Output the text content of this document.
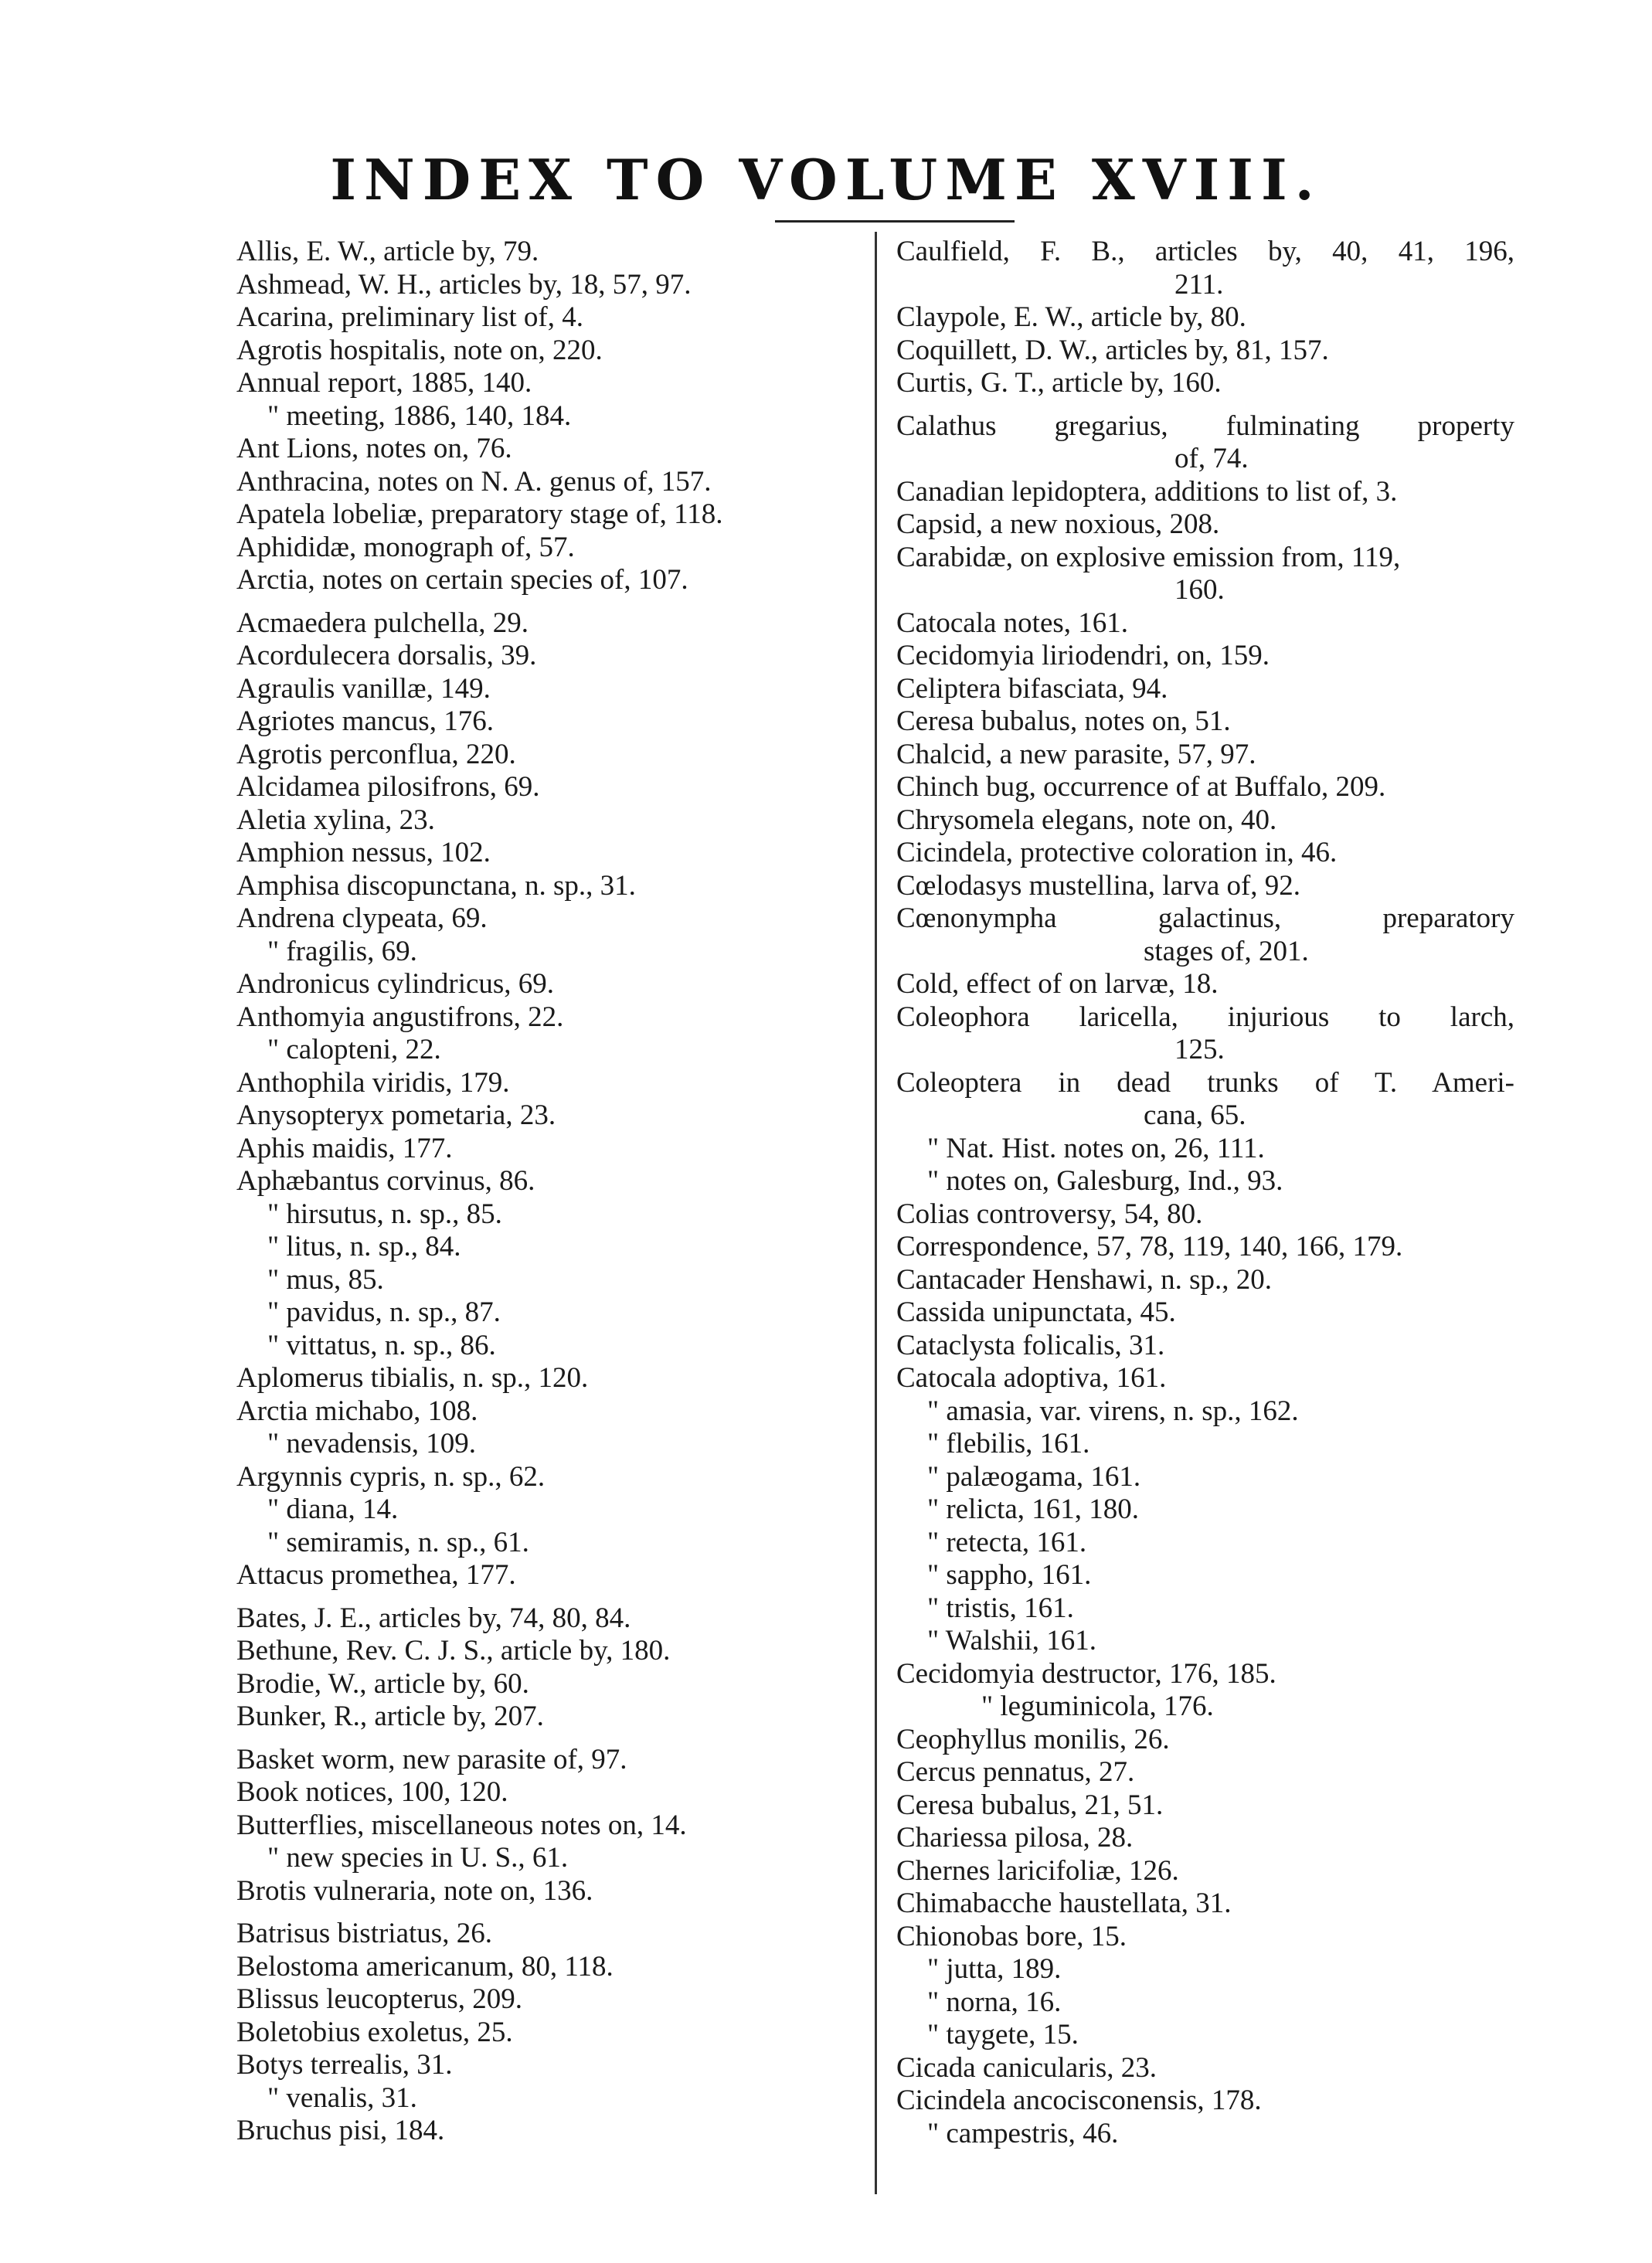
INDEX TO VOLUME XVIII.
Allis, E. W., article by, 79.
Ashmead, W. H., articles by, 18, 57, 97.
Acarina, preliminary list of, 4.
Agrotis hospitalis, note on, 220.
Annual report, 1885, 140.
" meeting, 1886, 140, 184.
Ant Lions, notes on, 76.
Anthracina, notes on N. A. genus of, 157.
Apatela lobeliæ, preparatory stage of, 118.
Aphididæ, monograph of, 57.
Arctia, notes on certain species of, 107.
Acmaedera pulchella, 29.
Acordulecera dorsalis, 39.
Agraulis vanillæ, 149.
Agriotes mancus, 176.
Agrotis perconflua, 220.
Alcidamea pilosifrons, 69.
Aletia xylina, 23.
Amphion nessus, 102.
Amphisa discopunctana, n. sp., 31.
Andrena clypeata, 69.
" fragilis, 69.
Andronicus cylindricus, 69.
Anthomyia angustifrons, 22.
" calopteni, 22.
Anthophila viridis, 179.
Anysopteryx pometaria, 23.
Aphis maidis, 177.
Aphæbantus corvinus, 86.
" hirsutus, n. sp., 85.
" litus, n. sp., 84.
" mus, 85.
" pavidus, n. sp., 87.
" vittatus, n. sp., 86.
Aplomerus tibialis, n. sp., 120.
Arctia michabo, 108.
" nevadensis, 109.
Argynnis cypris, n. sp., 62.
" diana, 14.
" semiramis, n. sp., 61.
Attacus promethea, 177.
Bates, J. E., articles by, 74, 80, 84.
Bethune, Rev. C. J. S., article by, 180.
Brodie, W., article by, 60.
Bunker, R., article by, 207.
Basket worm, new parasite of, 97.
Book notices, 100, 120.
Butterflies, miscellaneous notes on, 14.
" new species in U. S., 61.
Brotis vulneraria, note on, 136.
Batrisus bistriatus, 26.
Belostoma americanum, 80, 118.
Blissus leucopterus, 209.
Boletobius exoletus, 25.
Botys terrealis, 31.
" venalis, 31.
Bruchus pisi, 184.
Caulfield, F. B., articles by, 40, 41, 196,
211.
Claypole, E. W., article by, 80.
Coquillett, D. W., articles by, 81, 157.
Curtis, G. T., article by, 160.
Calathus gregarius, fulminating property
of, 74.
Canadian lepidoptera, additions to list of, 3.
Capsid, a new noxious, 208.
Carabidæ, on explosive emission from, 119,
160.
Catocala notes, 161.
Cecidomyia liriodendri, on, 159.
Celiptera bifasciata, 94.
Ceresa bubalus, notes on, 51.
Chalcid, a new parasite, 57, 97.
Chinch bug, occurrence of at Buffalo, 209.
Chrysomela elegans, note on, 40.
Cicindela, protective coloration in, 46.
Cœlodasys mustellina, larva of, 92.
Cœnonympha galactinus, preparatory
stages of, 201.
Cold, effect of on larvæ, 18.
Coleophora laricella, injurious to larch,
125.
Coleoptera in dead trunks of T. Ameri-
cana, 65.
" Nat. Hist. notes on, 26, 111.
" notes on, Galesburg, Ind., 93.
Colias controversy, 54, 80.
Correspondence, 57, 78, 119, 140, 166, 179.
Cantacader Henshawi, n. sp., 20.
Cassida unipunctata, 45.
Cataclysta folicalis, 31.
Catocala adoptiva, 161.
" amasia, var. virens, n. sp., 162.
" flebilis, 161.
" palæogama, 161.
" relicta, 161, 180.
" retecta, 161.
" sappho, 161.
" tristis, 161.
" Walshii, 161.
Cecidomyia destructor, 176, 185.
" leguminicola, 176.
Ceophyllus monilis, 26.
Cercus pennatus, 27.
Ceresa bubalus, 21, 51.
Chariessa pilosa, 28.
Chernes laricifoliæ, 126.
Chimabacche haustellata, 31.
Chionobas bore, 15.
" jutta, 189.
" norna, 16.
" taygete, 15.
Cicada canicularis, 23.
Cicindela ancocisconensis, 178.
" campestris, 46.
